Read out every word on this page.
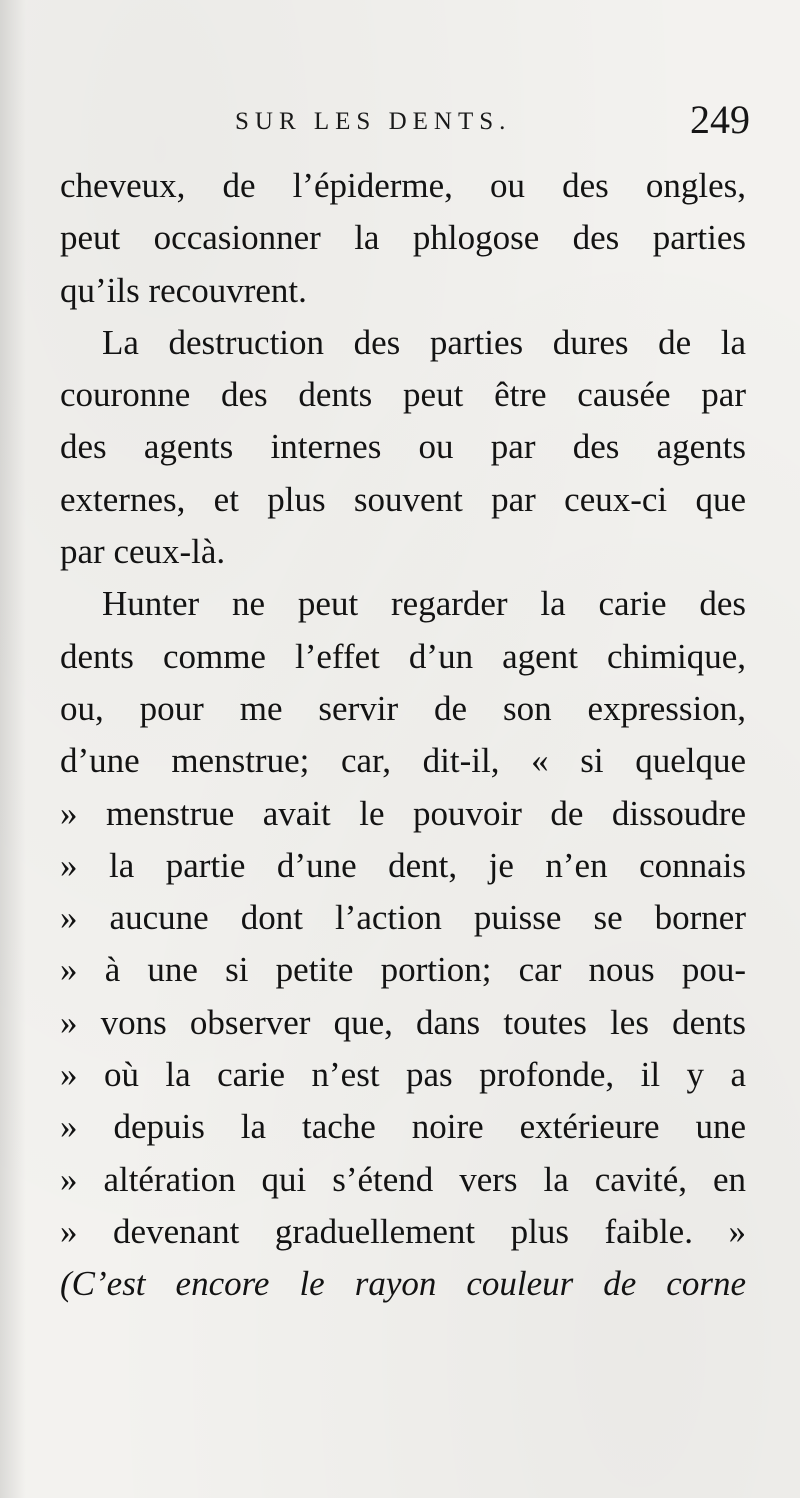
SUR LES DENTS.	249
cheveux, de l’épiderme, ou des ongles,
peut occasionner la phlogose des parties
qu’ils recouvrent.
La destruction des parties dures de la
couronne des dents peut être causée par
des agents internes ou par des agents
externes, et plus souvent par ceux-ci que
par ceux-là.
Hunter ne peut regarder la carie des
dents comme l’effet d’un agent chimique,
ou, pour me servir de son expression,
d’une menstrue; car, dit-il, « si quelque
» menstrue avait le pouvoir de dissoudre
» la partie d’une dent, je n’en connais
» aucune dont l’action puisse se borner
» à une si petite portion; car nous pou-
» vons observer que, dans toutes les dents
» où la carie n’est pas profonde, il y a
» depuis la tache noire extérieure une
» altération qui s’étend vers la cavité, en
» devenant graduellement plus faible. »
(C’est encore le rayon couleur de corne
